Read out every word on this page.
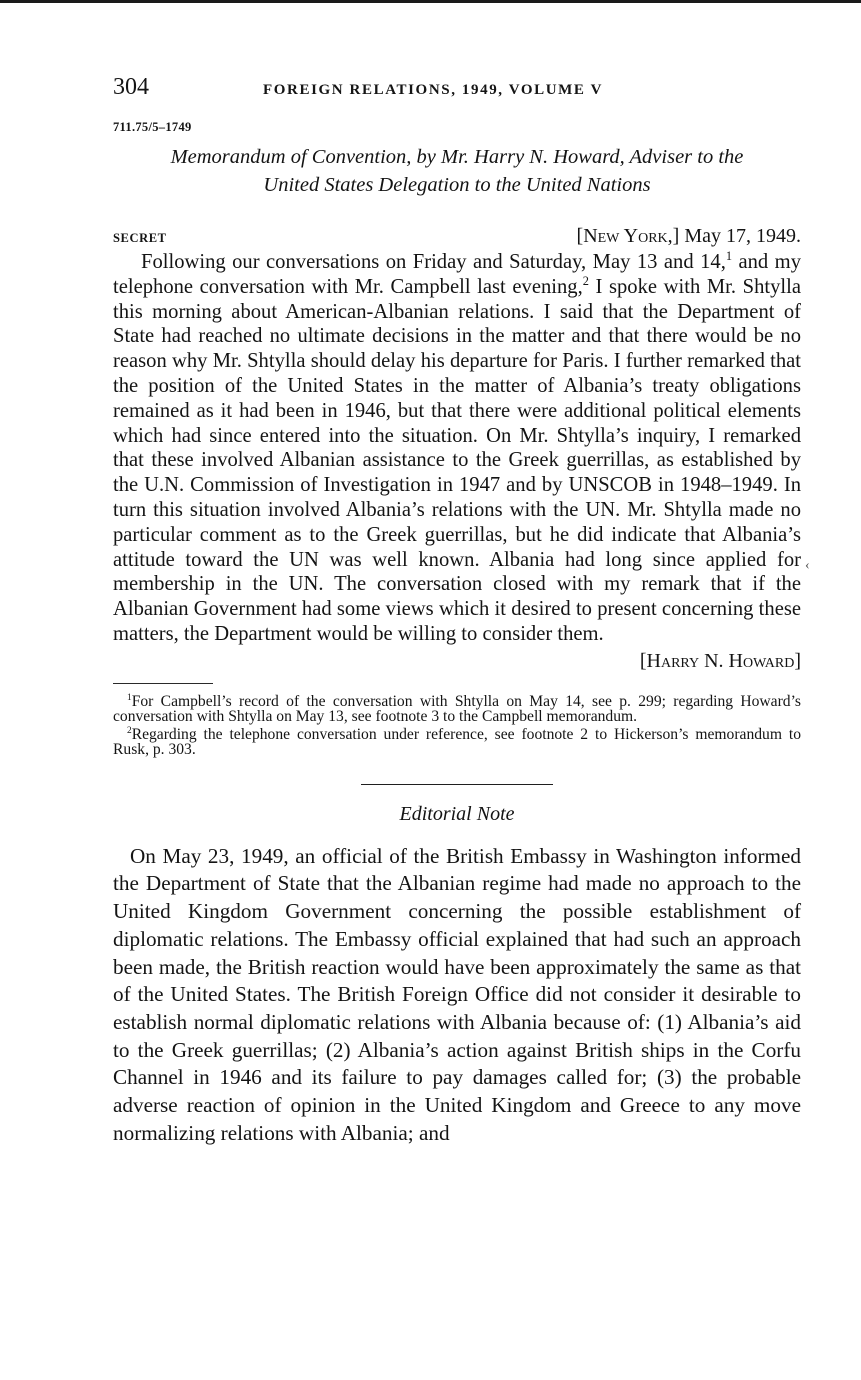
‹
304	FOREIGN RELATIONS, 1949, VOLUME V
711.75/5–1749
Memorandum of Convention, by Mr. Harry N. Howard, Adviser to the
United States Delegation to the United Nations
SECRET	[New York,] May 17, 1949.

Following our conversations on Friday and Saturday, May 13 and 14,$^1$ and my telephone conversation with Mr. Campbell last evening,$^2$ I spoke with Mr. Shtylla this morning about American-Albanian relations. I said that the Department of State had reached no ultimate decisions in the matter and that there would be no reason why Mr. Shtylla should delay his departure for Paris. I further remarked that the position of the United States in the matter of Albania’s treaty obligations remained as it had been in 1946, but that there were additional political elements which had since entered into the situation. On Mr. Shtylla’s inquiry, I remarked that these involved Albanian assistance to the Greek guerrillas, as established by the U.N. Commission of Investigation in 1947 and by UNSCOB in 1948–1949. In turn this situation involved Albania’s relations with the UN. Mr. Shtylla made no particular comment as to the Greek guerrillas, but he did indicate that Albania’s attitude toward the UN was well known. Albania had long since applied for membership in the UN. The conversation closed with my remark that if the Albanian Government had some views which it desired to present concerning these matters, the Department would be willing to consider them.

[Harry N. Howard]

$^1$For Campbell’s record of the conversation with Shtylla on May 14, see p. 299; regarding Howard’s conversation with Shtylla on May 13, see footnote 3 to the Campbell memorandum.

$^2$Regarding the telephone conversation under reference, see footnote 2 to Hickerson’s memorandum to Rusk, p. 303.

Editorial Note

On May 23, 1949, an official of the British Embassy in Washington informed the Department of State that the Albanian regime had made no approach to the United Kingdom Government concerning the possible establishment of diplomatic relations. The Embassy official explained that had such an approach been made, the British reaction would have been approximately the same as that of the United States. The British Foreign Office did not consider it desirable to establish normal diplomatic relations with Albania because of: (1) Albania’s aid to the Greek guerrillas; (2) Albania’s action against British ships in the Corfu Channel in 1946 and its failure to pay damages called for; (3) the probable adverse reaction of opinion in the United Kingdom and Greece to any move normalizing relations with Albania; and
